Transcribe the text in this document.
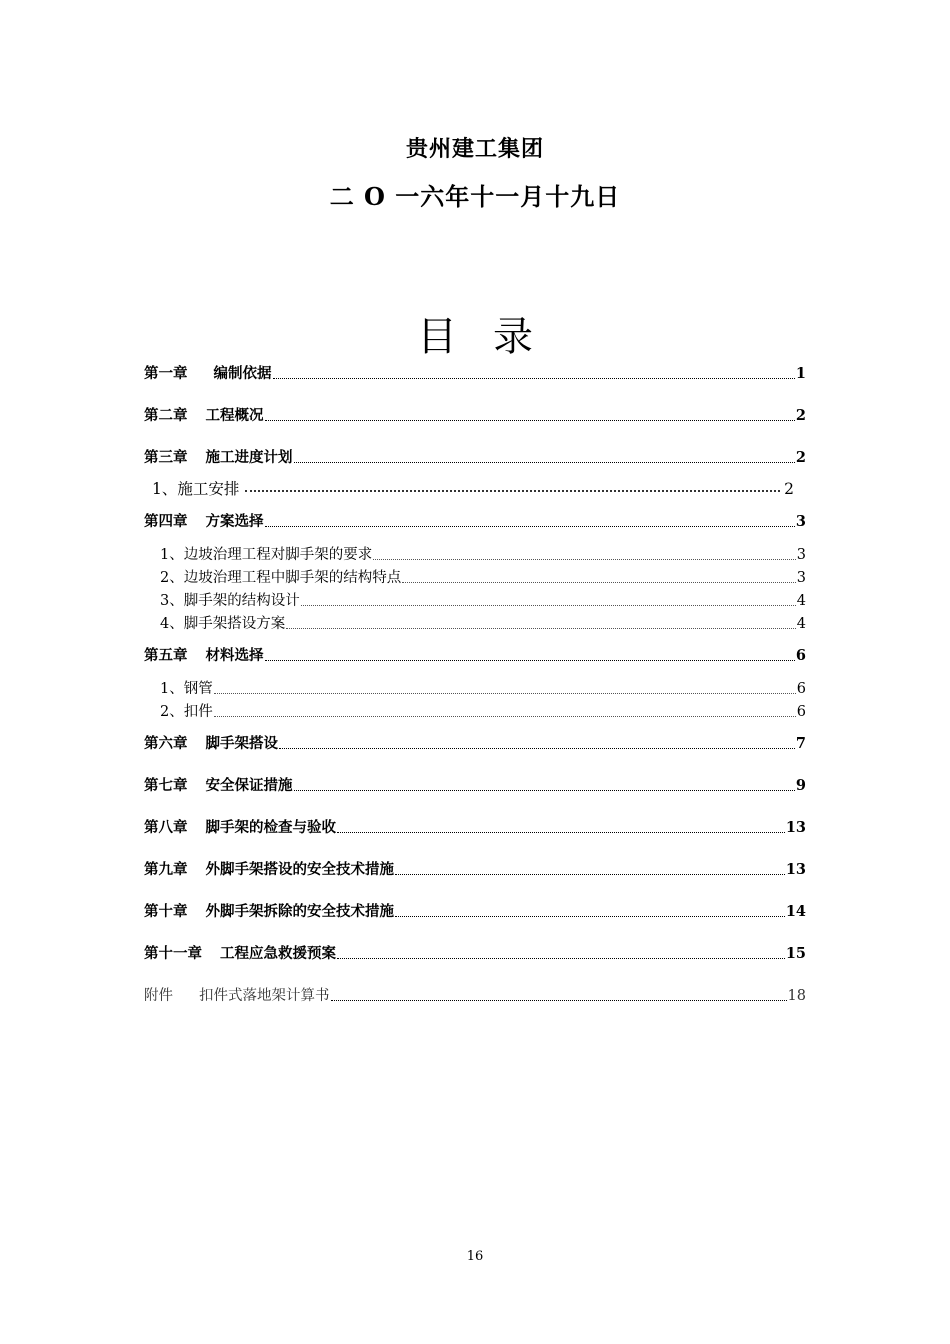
贵州建工集团
二 O 一六年十一月十九日
目录
第一章 编制依据	1
第二章 工程概况	2
第三章 施工进度计划	2
1、施工安排	2
第四章 方案选择	3
1、边坡治理工程对脚手架的要求	3
2、边坡治理工程中脚手架的结构特点	3
3、脚手架的结构设计	4
4、脚手架搭设方案	4
第五章 材料选择	6
1、钢管	6
2、扣件	6
第六章 脚手架搭设	7
第七章 安全保证措施	9
第八章 脚手架的检查与验收	13
第九章 外脚手架搭设的安全技术措施	13
第十章 外脚手架拆除的安全技术措施	14
第十一章 工程应急救援预案	15
附件 扣件式落地架计算书	18
16
